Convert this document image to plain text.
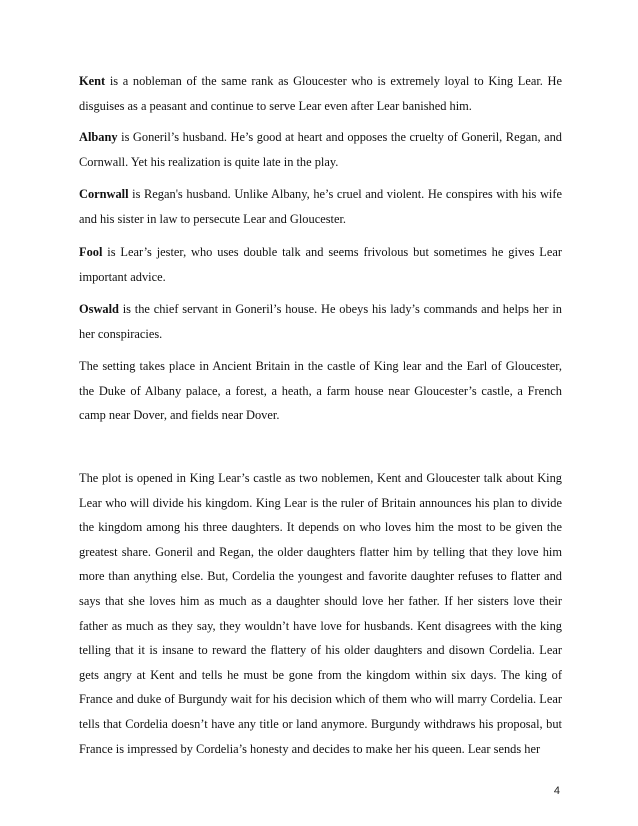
Kent is a nobleman of the same rank as Gloucester who is extremely loyal to King Lear. He disguises as a peasant and continue to serve Lear even after Lear banished him.

Albany is Goneril’s husband. He’s good at heart and opposes the cruelty of Goneril, Regan, and Cornwall. Yet his realization is quite late in the play.

Cornwall is Regan's husband. Unlike Albany, he’s cruel and violent. He conspires with his wife and his sister in law to persecute Lear and Gloucester.

Fool is Lear’s jester, who uses double talk and seems frivolous but sometimes he gives Lear important advice.

Oswald is the chief servant in Goneril’s house. He obeys his lady’s commands and helps her in her conspiracies.

The setting takes place in Ancient Britain in the castle of King lear and the Earl of Gloucester, the Duke of Albany palace, a forest, a heath, a farm house near Gloucester’s castle, a French camp near Dover, and fields near Dover.

The plot is opened in King Lear’s castle as two noblemen, Kent and Gloucester talk about King Lear who will divide his kingdom. King Lear is the ruler of Britain announces his plan to divide the kingdom among his three daughters. It depends on who loves him the most to be given the greatest share. Goneril and Regan, the older daughters flatter him by telling that they love him more than anything else. But, Cordelia the youngest and favorite daughter refuses to flatter and says that she loves him as much as a daughter should love her father. If her sisters love their father as much as they say, they wouldn’t have love for husbands. Kent disagrees with the king telling that it is insane to reward the flattery of his older daughters and disown Cordelia. Lear gets angry at Kent and tells he must be gone from the kingdom within six days. The king of France and duke of Burgundy wait for his decision which of them who will marry Cordelia. Lear tells that Cordelia doesn’t have any title or land anymore. Burgundy withdraws his proposal, but France is impressed by Cordelia’s honesty and decides to make her his queen. Lear sends her

4
